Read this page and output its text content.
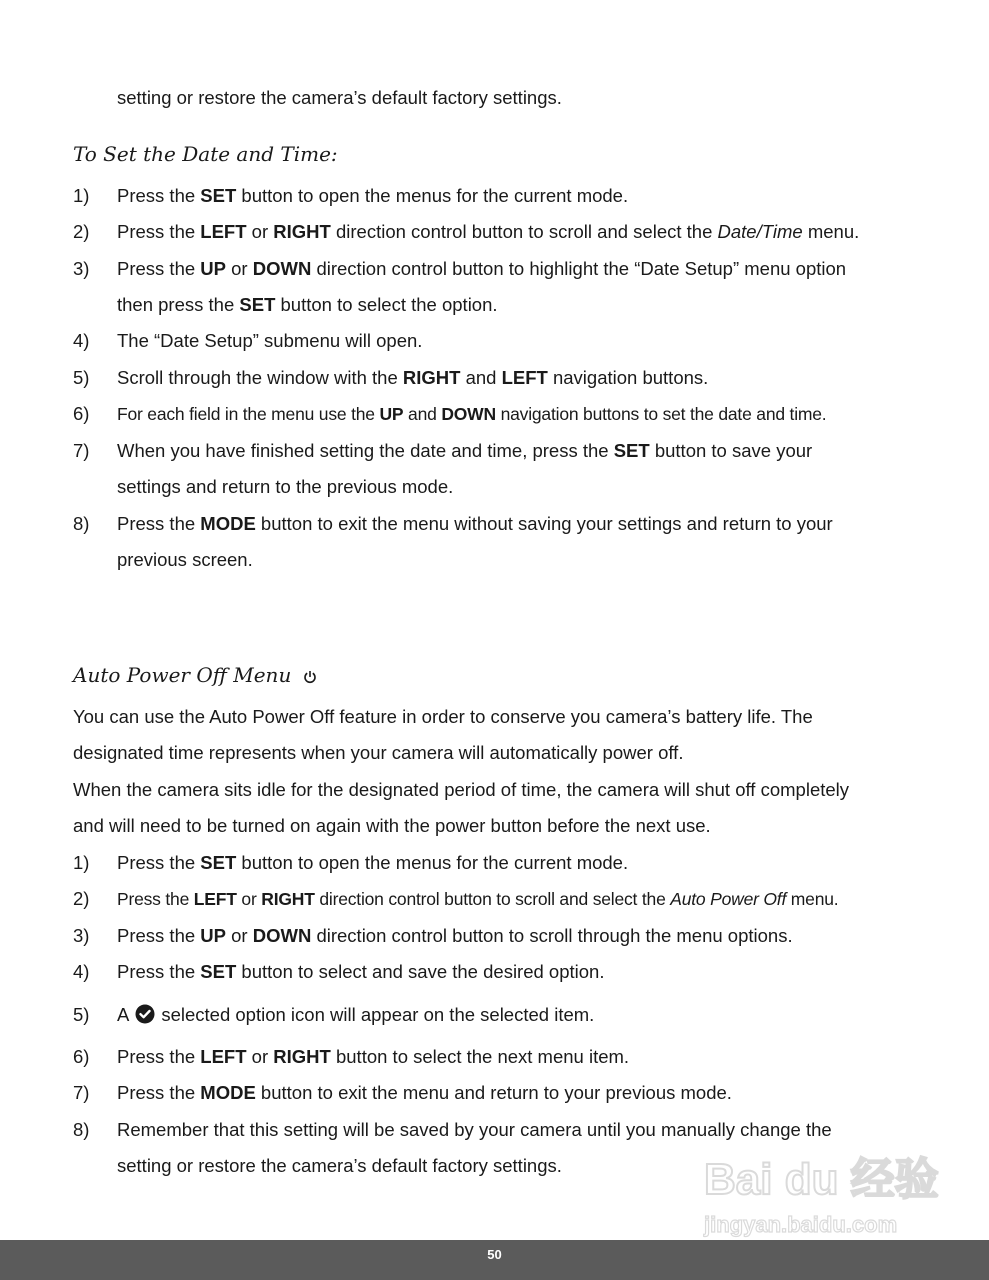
setting or restore the camera’s default factory settings.
To Set the Date and Time:
1) Press the SET button to open the menus for the current mode.
2) Press the LEFT or RIGHT direction control button to scroll and select the Date/Time menu.
3) Press the UP or DOWN direction control button to highlight the “Date Setup” menu option
then press the SET button to select the option.
4) The “Date Setup” submenu will open.
5) Scroll through the window with the RIGHT and LEFT navigation buttons.
6) For each field in the menu use the UP and DOWN navigation buttons to set the date and time.
7) When you have finished setting the date and time, press the SET button to save your
settings and return to the previous mode.
8) Press the MODE button to exit the menu without saving your settings and return to your
previous screen.
Auto Power Off Menu
You can use the Auto Power Off feature in order to conserve you camera’s battery life. The
designated time represents when your camera will automatically power off.
When the camera sits idle for the designated period of time, the camera will shut off completely
and will need to be turned on again with the power button before the next use.
1) Press the SET button to open the menus for the current mode.
2) Press the LEFT or RIGHT direction control button to scroll and select the Auto Power Off menu.
3) Press the UP or DOWN direction control button to scroll through the menu options.
4) Press the SET button to select and save the desired option.
5) A selected option icon will appear on the selected item.
6) Press the LEFT or RIGHT button to select the next menu item.
7) Press the MODE button to exit the menu and return to your previous mode.
8) Remember that this setting will be saved by your camera until you manually change the
setting or restore the camera’s default factory settings.	Bai du 经验
jingyan.baidu.com
50
